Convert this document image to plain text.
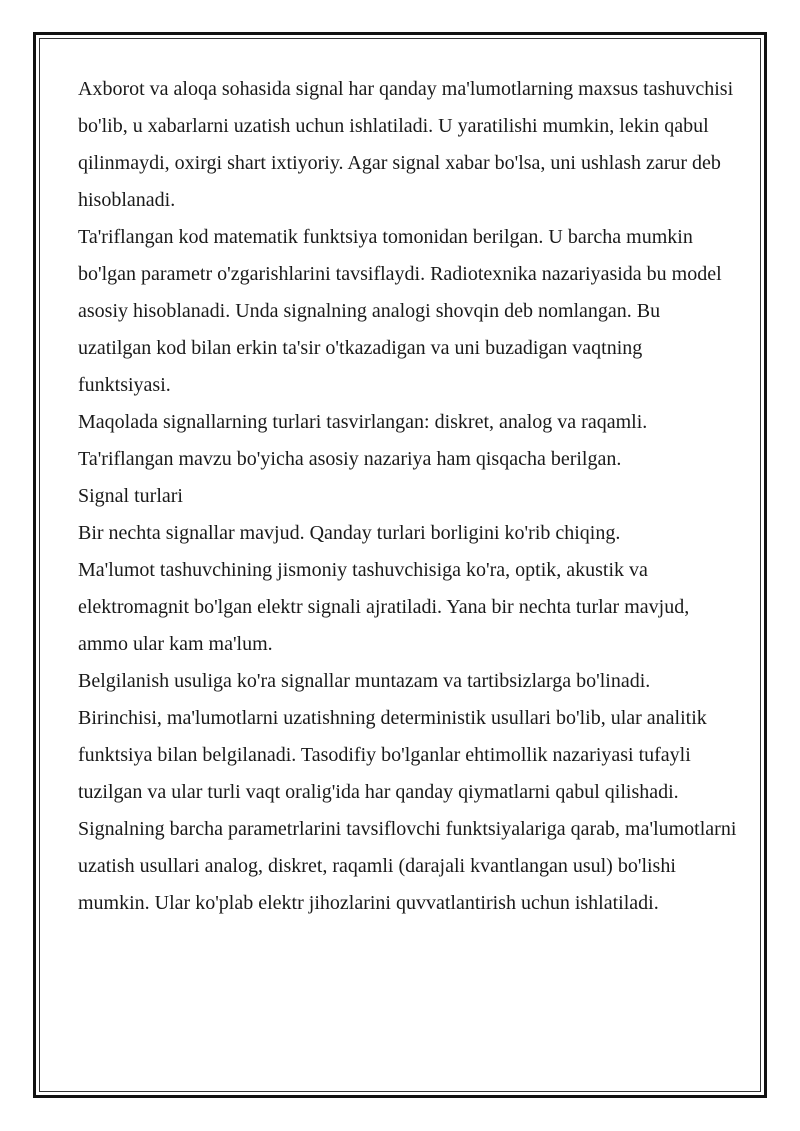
Axborot va aloqa sohasida signal har qanday ma'lumotlarning maxsus tashuvchisi bo'lib, u xabarlarni uzatish uchun ishlatiladi. U yaratilishi mumkin, lekin qabul qilinmaydi, oxirgi shart ixtiyoriy. Agar signal xabar bo'lsa, uni ushlash zarur deb hisoblanadi.

Ta'riflangan kod matematik funktsiya tomonidan berilgan. U barcha mumkin bo'lgan parametr o'zgarishlarini tavsiflaydi. Radiotexnika nazariyasida bu model asosiy hisoblanadi. Unda signalning analogi shovqin deb nomlangan. Bu uzatilgan kod bilan erkin ta'sir o'tkazadigan va uni buzadigan vaqtning funktsiyasi.

Maqolada signallarning turlari tasvirlangan: diskret, analog va raqamli. Ta'riflangan mavzu bo'yicha asosiy nazariya ham qisqacha berilgan.

Signal turlari

Bir nechta signallar mavjud. Qanday turlari borligini ko'rib chiqing.

Ma'lumot tashuvchining jismoniy tashuvchisiga ko'ra, optik, akustik va elektromagnit bo'lgan elektr signali ajratiladi. Yana bir nechta turlar mavjud, ammo ular kam ma'lum.

Belgilanish usuliga ko'ra signallar muntazam va tartibsizlarga bo'linadi. Birinchisi, ma'lumotlarni uzatishning deterministik usullari bo'lib, ular analitik funktsiya bilan belgilanadi. Tasodifiy bo'lganlar ehtimollik nazariyasi tufayli tuzilgan va ular turli vaqt oralig'ida har qanday qiymatlarni qabul qilishadi.

Signalning barcha parametrlarini tavsiflovchi funktsiyalariga qarab, ma'lumotlarni uzatish usullari analog, diskret, raqamli (darajali kvantlangan usul) bo'lishi mumkin. Ular ko'plab elektr jihozlarini quvvatlantirish uchun ishlatiladi.
